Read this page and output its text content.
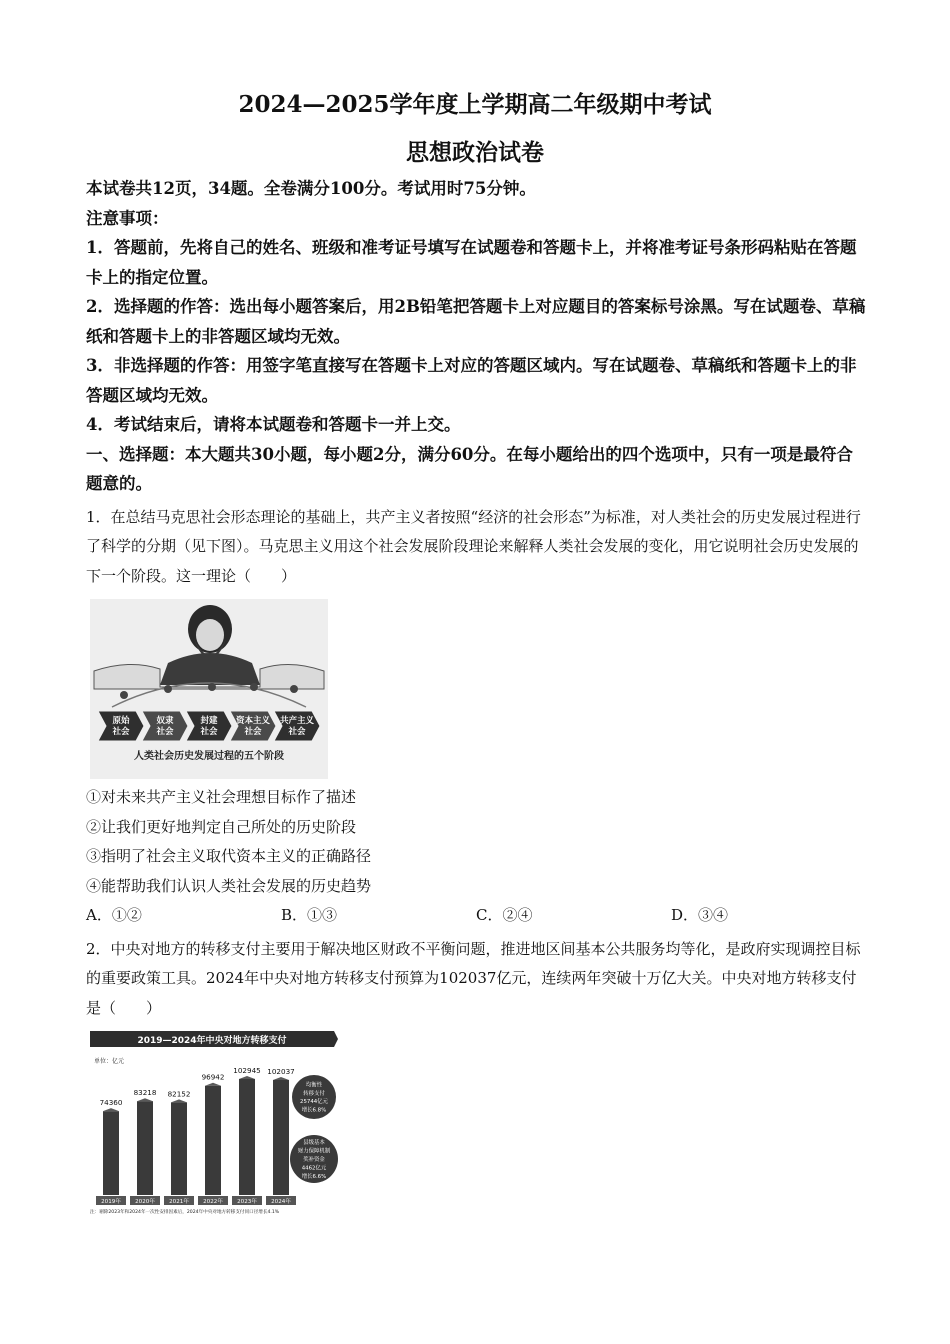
2024—2025学年度上学期高二年级期中考试
思想政治试卷
本试卷共12页，34题。全卷满分100分。考试用时75分钟。
注意事项：
1．答题前，先将自己的姓名、班级和准考证号填写在试题卷和答题卡上，并将准考证号条形码粘贴在答题卡上的指定位置。
2．选择题的作答：选出每小题答案后，用2B铅笔把答题卡上对应题目的答案标号涂黑。写在试题卷、草稿纸和答题卡上的非答题区域均无效。
3．非选择题的作答：用签字笔直接写在答题卡上对应的答题区域内。写在试题卷、草稿纸和答题卡上的非答题区域均无效。
4．考试结束后，请将本试题卷和答题卡一并上交。
一、选择题：本大题共30小题，每小题2分，满分60分。在每小题给出的四个选项中，只有一项是最符合题意的。
1．在总结马克思社会形态理论的基础上，共产主义者按照“经济的社会形态”为标准，对人类社会的历史发展过程进行了科学的分期（见下图）。马克思主义用这个社会发展阶段理论来解释人类社会发展的变化，用它说明社会历史发展的下一个阶段。这一理论（　　）
原始
社会
奴隶
社会
封建
社会
资本主义
社会
共产主义
社会
人类社会历史发展过程的五个阶段
①对未来共产主义社会理想目标作了描述
②让我们更好地判定自己所处的历史阶段
③指明了社会主义取代资本主义的正确路径
④能帮助我们认识人类社会发展的历史趋势
A．①②	B．①③	C．②④	D．③④
2．中央对地方的转移支付主要用于解决地区财政不平衡问题，推进地区间基本公共服务均等化，是政府实现调控目标的重要政策工具。2024年中央对地方转移支付预算为102037亿元，连续两年突破十万亿大关。中央对地方转移支付是（　　）
2019—2024年中央对地方转移支付
单位：亿元
74360
2019年
83218
2020年
82152
2021年
96942
2022年
102945
2023年
102037
2024年
均衡性
转移支付
25744亿元
增长6.8%
县级基本
财力保障机制
奖补资金
4462亿元
增长6.6%
注：剔除2023年和2024年一次性安排因素后，2024年中央对地方转移支付同口径增长4.1%
